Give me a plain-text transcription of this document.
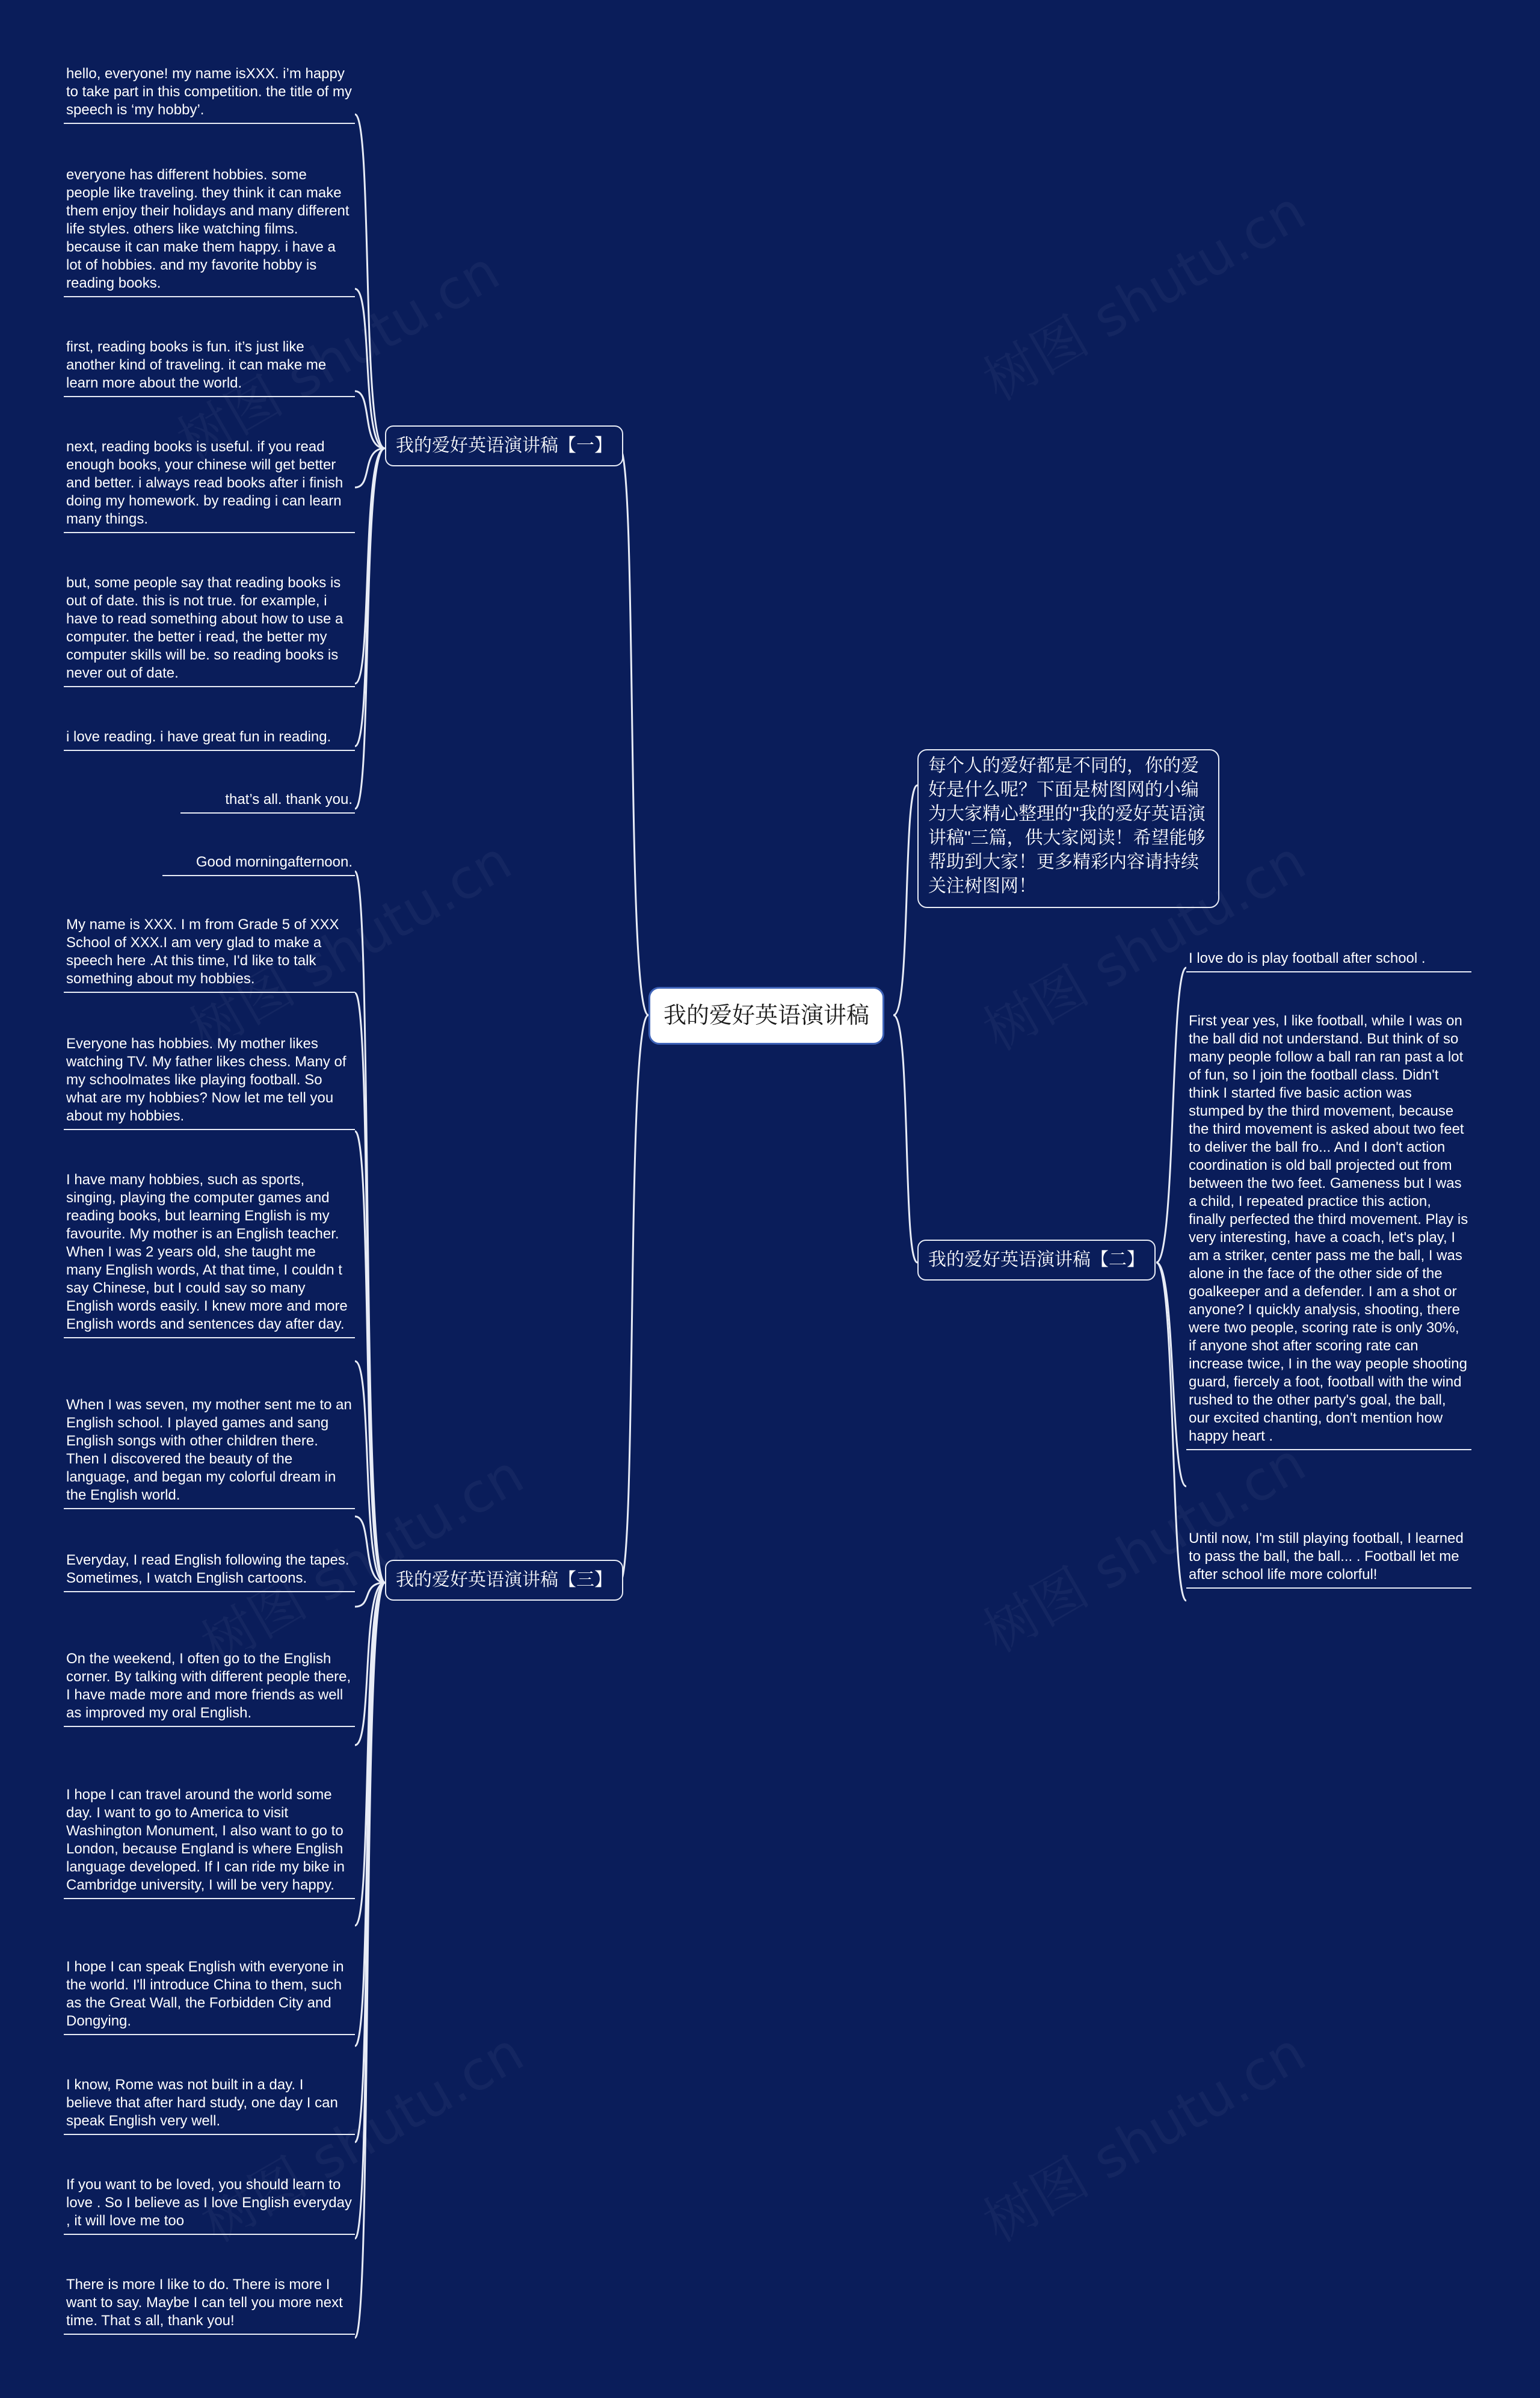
我的爱好英语演讲稿
每个人的爱好都是不同的，你的爱好是什么呢？下面是树图网的小编为大家精心整理的"我的爱好英语演讲稿"三篇，供大家阅读！希望能够帮助到大家！更多精彩内容请持续关注树图网！
我的爱好英语演讲稿【一】
hello, everyone! my name isXXX. i’m happy to take part in this competition. the title of my speech is ‘my hobby’.
everyone has different hobbies. some people like traveling. they think it can make them enjoy their holidays and many different life styles. others like watching films. because it can make them happy. i have a lot of hobbies. and my favorite hobby is reading books.
first, reading books is fun. it’s just like another kind of traveling. it can make me learn more about the world.
next, reading books is useful. if you read enough books, your chinese will get better and better. i always read books after i finish doing my homework. by reading i can learn many things.
but, some people say that reading books is out of date. this is not true. for example, i have to read something about how to use a computer. the better i read, the better my computer skills will be. so reading books is never out of date.
i love reading. i have great fun in reading.
that’s all. thank you.
我的爱好英语演讲稿【二】
I love do is play football after school .
First year yes, I like football, while I was on the ball did not understand. But think of so many people follow a ball ran ran past a lot of fun, so I join the football class. Didn't think I started five basic action was stumped by the third movement, because the third movement is asked about two feet to deliver the ball fro... And I don't action coordination is old ball projected out from between the two feet. Gameness but I was a child, I repeated practice this action, finally perfected the third movement. Play is very interesting, have a coach, let's play, I am a striker, center pass me the ball, I was alone in the face of the other side of the goalkeeper and a defender. I am a shot or anyone? I quickly analysis, shooting, there were two people, scoring rate is only 30%, if anyone shot after scoring rate can increase twice, I in the way people shooting guard, fiercely a foot, football with the wind rushed to the other party's goal, the ball, our excited chanting, don't mention how happy heart .
Until now, I'm still playing football, I learned to pass the ball, the ball... . Football let me after school life more colorful!
我的爱好英语演讲稿【三】
Good morningafternoon.
My name is XXX. I m from Grade 5 of XXX School of XXX.I am very glad to make a speech here .At this time, I'd like to talk something about my hobbies.
Everyone has hobbies. My mother likes watching TV. My father likes chess. Many of my schoolmates like playing football. So what are my hobbies? Now let me tell you about my hobbies.
I have many hobbies, such as sports, singing, playing the computer games and reading books, but learning English is my favourite. My mother is an English teacher. When I was 2 years old, she taught me many English words, At that time, I couldn t say Chinese, but I could say so many English words easily. I knew more and more English words and sentences day after day.
When I was seven, my mother sent me to an English school. I played games and sang English songs with other children there. Then I discovered the beauty of the language, and began my colorful dream in the English world.
Everyday, I read English following the tapes. Sometimes, I watch English cartoons.
On the weekend, I often go to the English corner. By talking with different people there, I have made more and more friends as well as improved my oral English.
I hope I can travel around the world some day. I want to go to America to visit Washington Monument, I also want to go to London, because England is where English language developed. If I can ride my bike in Cambridge university, I will be very happy.
I hope I can speak English with everyone in the world. I'll introduce China to them, such as the Great Wall, the Forbidden City and Dongying.
I know, Rome was not built in a day. I believe that after hard study, one day I can speak English very well.
If you want to be loved, you should learn to love . So I believe as I love English everyday , it will love me too
There is more I like to do. There is more I want to say. Maybe I can tell you more next time. That s all, thank you!
